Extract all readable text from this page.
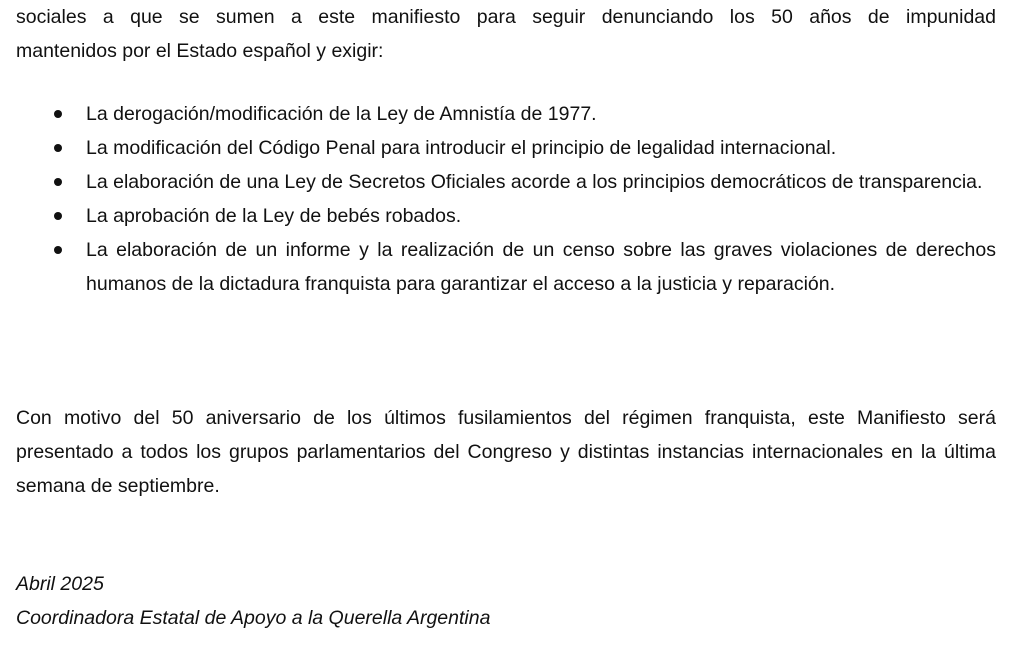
sociales a que se sumen a este manifiesto para seguir denunciando los 50 años de impunidad
mantenidos por el Estado español y exigir:
La derogación/modificación de la Ley de Amnistía de 1977.
La modificación del Código Penal para introducir el principio de legalidad internacional.
La elaboración de una Ley de Secretos Oficiales acorde a los principios democráticos de transparencia.
La aprobación de la Ley de bebés robados.
La elaboración de un informe y la realización de un censo sobre las graves violaciones de derechos humanos de la dictadura franquista para garantizar el acceso a la justicia y reparación.

Con motivo del 50 aniversario de los últimos fusilamientos del régimen franquista, este Manifiesto será presentado a todos los grupos parlamentarios del Congreso y distintas instancias internacionales en la última semana de septiembre.

Abril 2025
Coordinadora Estatal de Apoyo a la Querella Argentina
